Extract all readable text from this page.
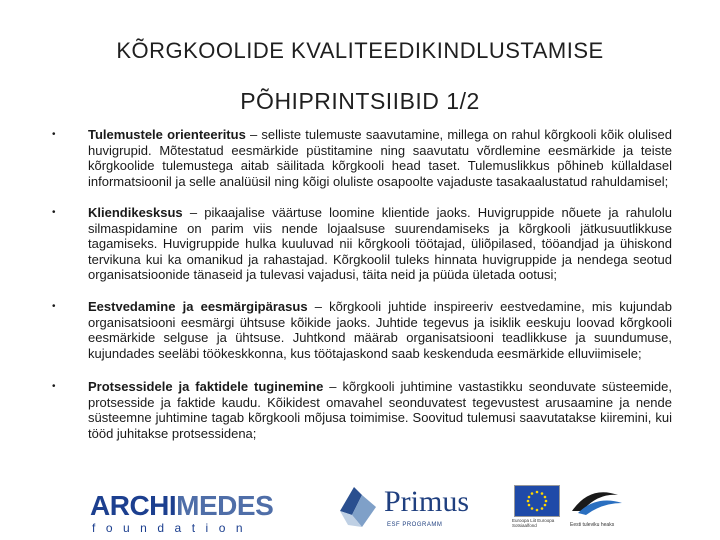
KÕRGKOOLIDE KVALITEEDIKINDLUSTAMISE
PÕHIPRINTSIIBID 1/2
• Tulemustele orienteeritus – selliste tulemuste saavutamine, millega on rahul kõrgkooli kõik olulised huvigrupid. Mõtestatud eesmärkide püstitamine ning saavutatu võrdlemine eesmärkide ja teiste kõrgkoolide tulemustega aitab säilitada kõrgkooli head taset. Tulemuslikkus põhineb küllaldasel informatsioonil ja selle analüüsil ning kõigi oluliste osapoolte vajaduste tasakaalustatud rahuldamisel;
• Kliendikesksus – pikaajalise väärtuse loomine klientide jaoks. Huvigruppide nõuete ja rahulolu silmaspidamine on parim viis nende lojaalsuse suurendamiseks ja kõrgkooli jätkusuutlikkuse tagamiseks. Huvigruppide hulka kuuluvad nii kõrgkooli töötajad, üliõpilased, tööandjad ja ühiskond tervikuna kui ka omanikud ja rahastajad. Kõrgkoolil tuleks hinnata huvigruppide ja nendega seotud organisatsioonide tänaseid ja tulevasi vajadusi, täita neid ja püüda ületada ootusi;
• Eestvedamine ja eesmärgipärasus – kõrgkooli juhtide inspireeriv eestvedamine, mis kujundab organisatsiooni eesmärgi ühtsuse kõikide jaoks. Juhtide tegevus ja isiklik eeskuju loovad kõrgkooli eesmärkide selguse ja ühtsuse. Juhtkond määrab organisatsiooni teadlikkuse ja suundumuse, kujundades seeläbi töökeskkonna, kus töötajaskond saab keskenduda eesmärkide elluviimisele;
• Protsessidele ja faktidele tuginemine – kõrgkooli juhtimine vastastikku seonduvate süsteemide, protsesside ja faktide kaudu. Kõikidest omavahel seonduvatest tegevustest arusaamine ja nende süsteemne juhtimine tagab kõrgkooli mõjusa toimimise. Soovitud tulemusi saavutatakse kiiremini, kui tööd juhitakse protsessidena;
ARCHIMEDES
foundation
Primus
ESF PROGRAMM
Euroopa Liit Euroopa Sotsiaalfond	Eesti tuleviku heaks
